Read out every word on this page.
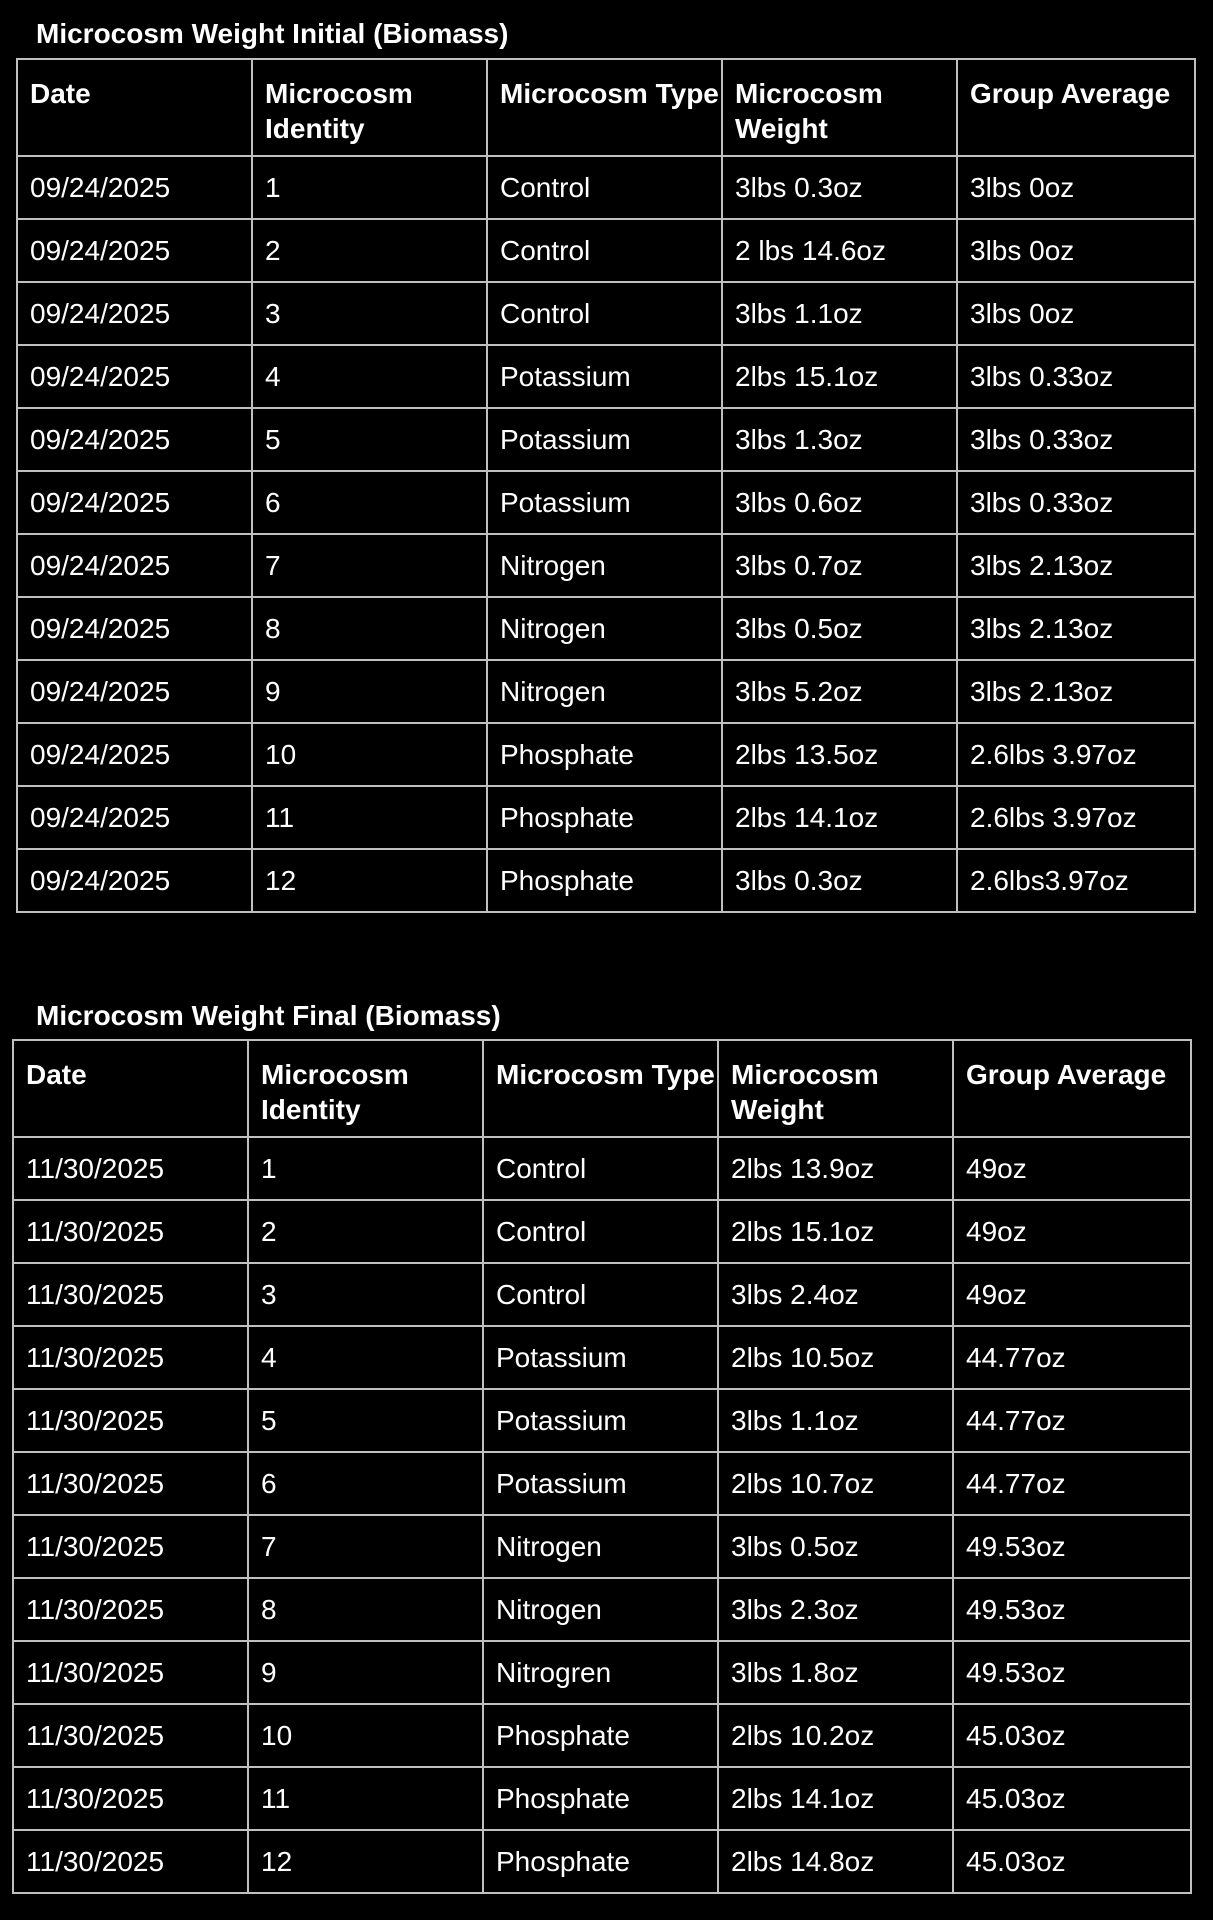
Microcosm Weight Initial (Biomass)
Date	Microcosm Identity	Microcosm Type	Microcosm Weight	Group Average
09/24/2025	1	Control	3lbs 0.3oz	3lbs 0oz
09/24/2025	2	Control	2 lbs 14.6oz	3lbs 0oz
09/24/2025	3	Control	3lbs 1.1oz	3lbs 0oz
09/24/2025	4	Potassium	2lbs 15.1oz	3lbs 0.33oz
09/24/2025	5	Potassium	3lbs 1.3oz	3lbs 0.33oz
09/24/2025	6	Potassium	3lbs 0.6oz	3lbs 0.33oz
09/24/2025	7	Nitrogen	3lbs 0.7oz	3lbs 2.13oz
09/24/2025	8	Nitrogen	3lbs 0.5oz	3lbs 2.13oz
09/24/2025	9	Nitrogen	3lbs 5.2oz	3lbs 2.13oz
09/24/2025	10	Phosphate	2lbs 13.5oz	2.6lbs 3.97oz
09/24/2025	11	Phosphate	2lbs 14.1oz	2.6lbs 3.97oz
09/24/2025	12	Phosphate	3lbs 0.3oz	2.6lbs3.97oz
Microcosm Weight Final (Biomass)
Date	Microcosm Identity	Microcosm Type	Microcosm Weight	Group Average
11/30/2025	1	Control	2lbs 13.9oz	49oz
11/30/2025	2	Control	2lbs 15.1oz	49oz
11/30/2025	3	Control	3lbs 2.4oz	49oz
11/30/2025	4	Potassium	2lbs 10.5oz	44.77oz
11/30/2025	5	Potassium	3lbs 1.1oz	44.77oz
11/30/2025	6	Potassium	2lbs 10.7oz	44.77oz
11/30/2025	7	Nitrogen	3lbs 0.5oz	49.53oz
11/30/2025	8	Nitrogen	3lbs 2.3oz	49.53oz
11/30/2025	9	Nitrogren	3lbs 1.8oz	49.53oz
11/30/2025	10	Phosphate	2lbs 10.2oz	45.03oz
11/30/2025	11	Phosphate	2lbs 14.1oz	45.03oz
11/30/2025	12	Phosphate	2lbs 14.8oz	45.03oz
